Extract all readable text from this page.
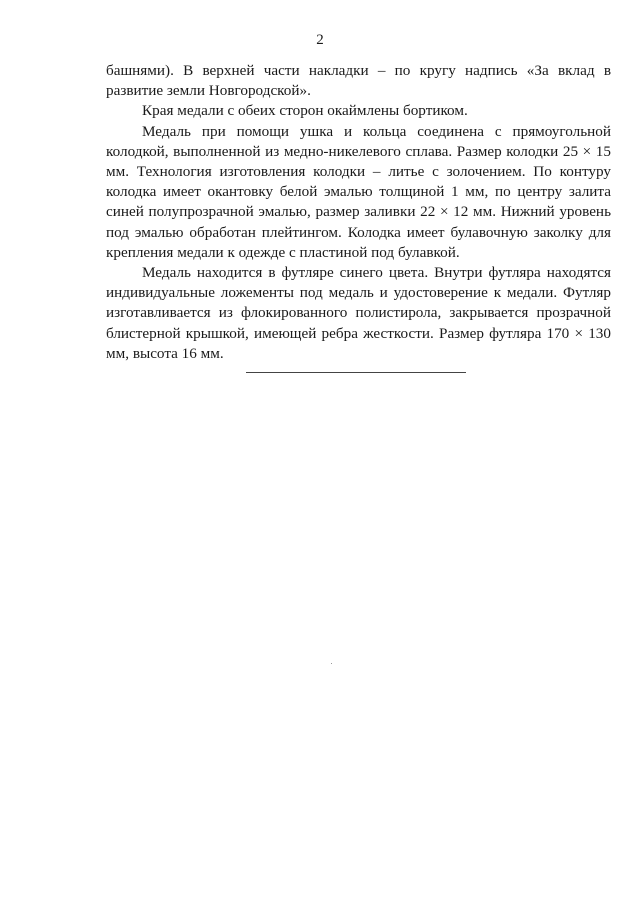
2

башнями). В верхней части накладки – по кругу надпись «За вклад в развитие земли Новгородской».

Края медали с обеих сторон окаймлены бортиком.

Медаль при помощи ушка и кольца соединена с прямоугольной колодкой, выполненной из медно-никелевого сплава. Размер колодки 25 × 15 мм. Технология изготовления колодки – литье с золочением. По контуру колодка имеет окантовку белой эмалью толщиной 1 мм, по центру залита синей полупрозрачной эмалью, размер заливки 22 × 12 мм. Нижний уровень под эмалью обработан плейтингом. Колодка имеет булавочную заколку для крепления медали к одежде с пластиной под булавкой.

Медаль находится в футляре синего цвета. Внутри футляра находятся индивидуальные ложементы под медаль и удостоверение к медали. Футляр изготавливается из флокированного полистирола, закрывается прозрачной блистерной крышкой, имеющей ребра жесткости. Размер футляра 170 × 130 мм, высота 16 мм.
